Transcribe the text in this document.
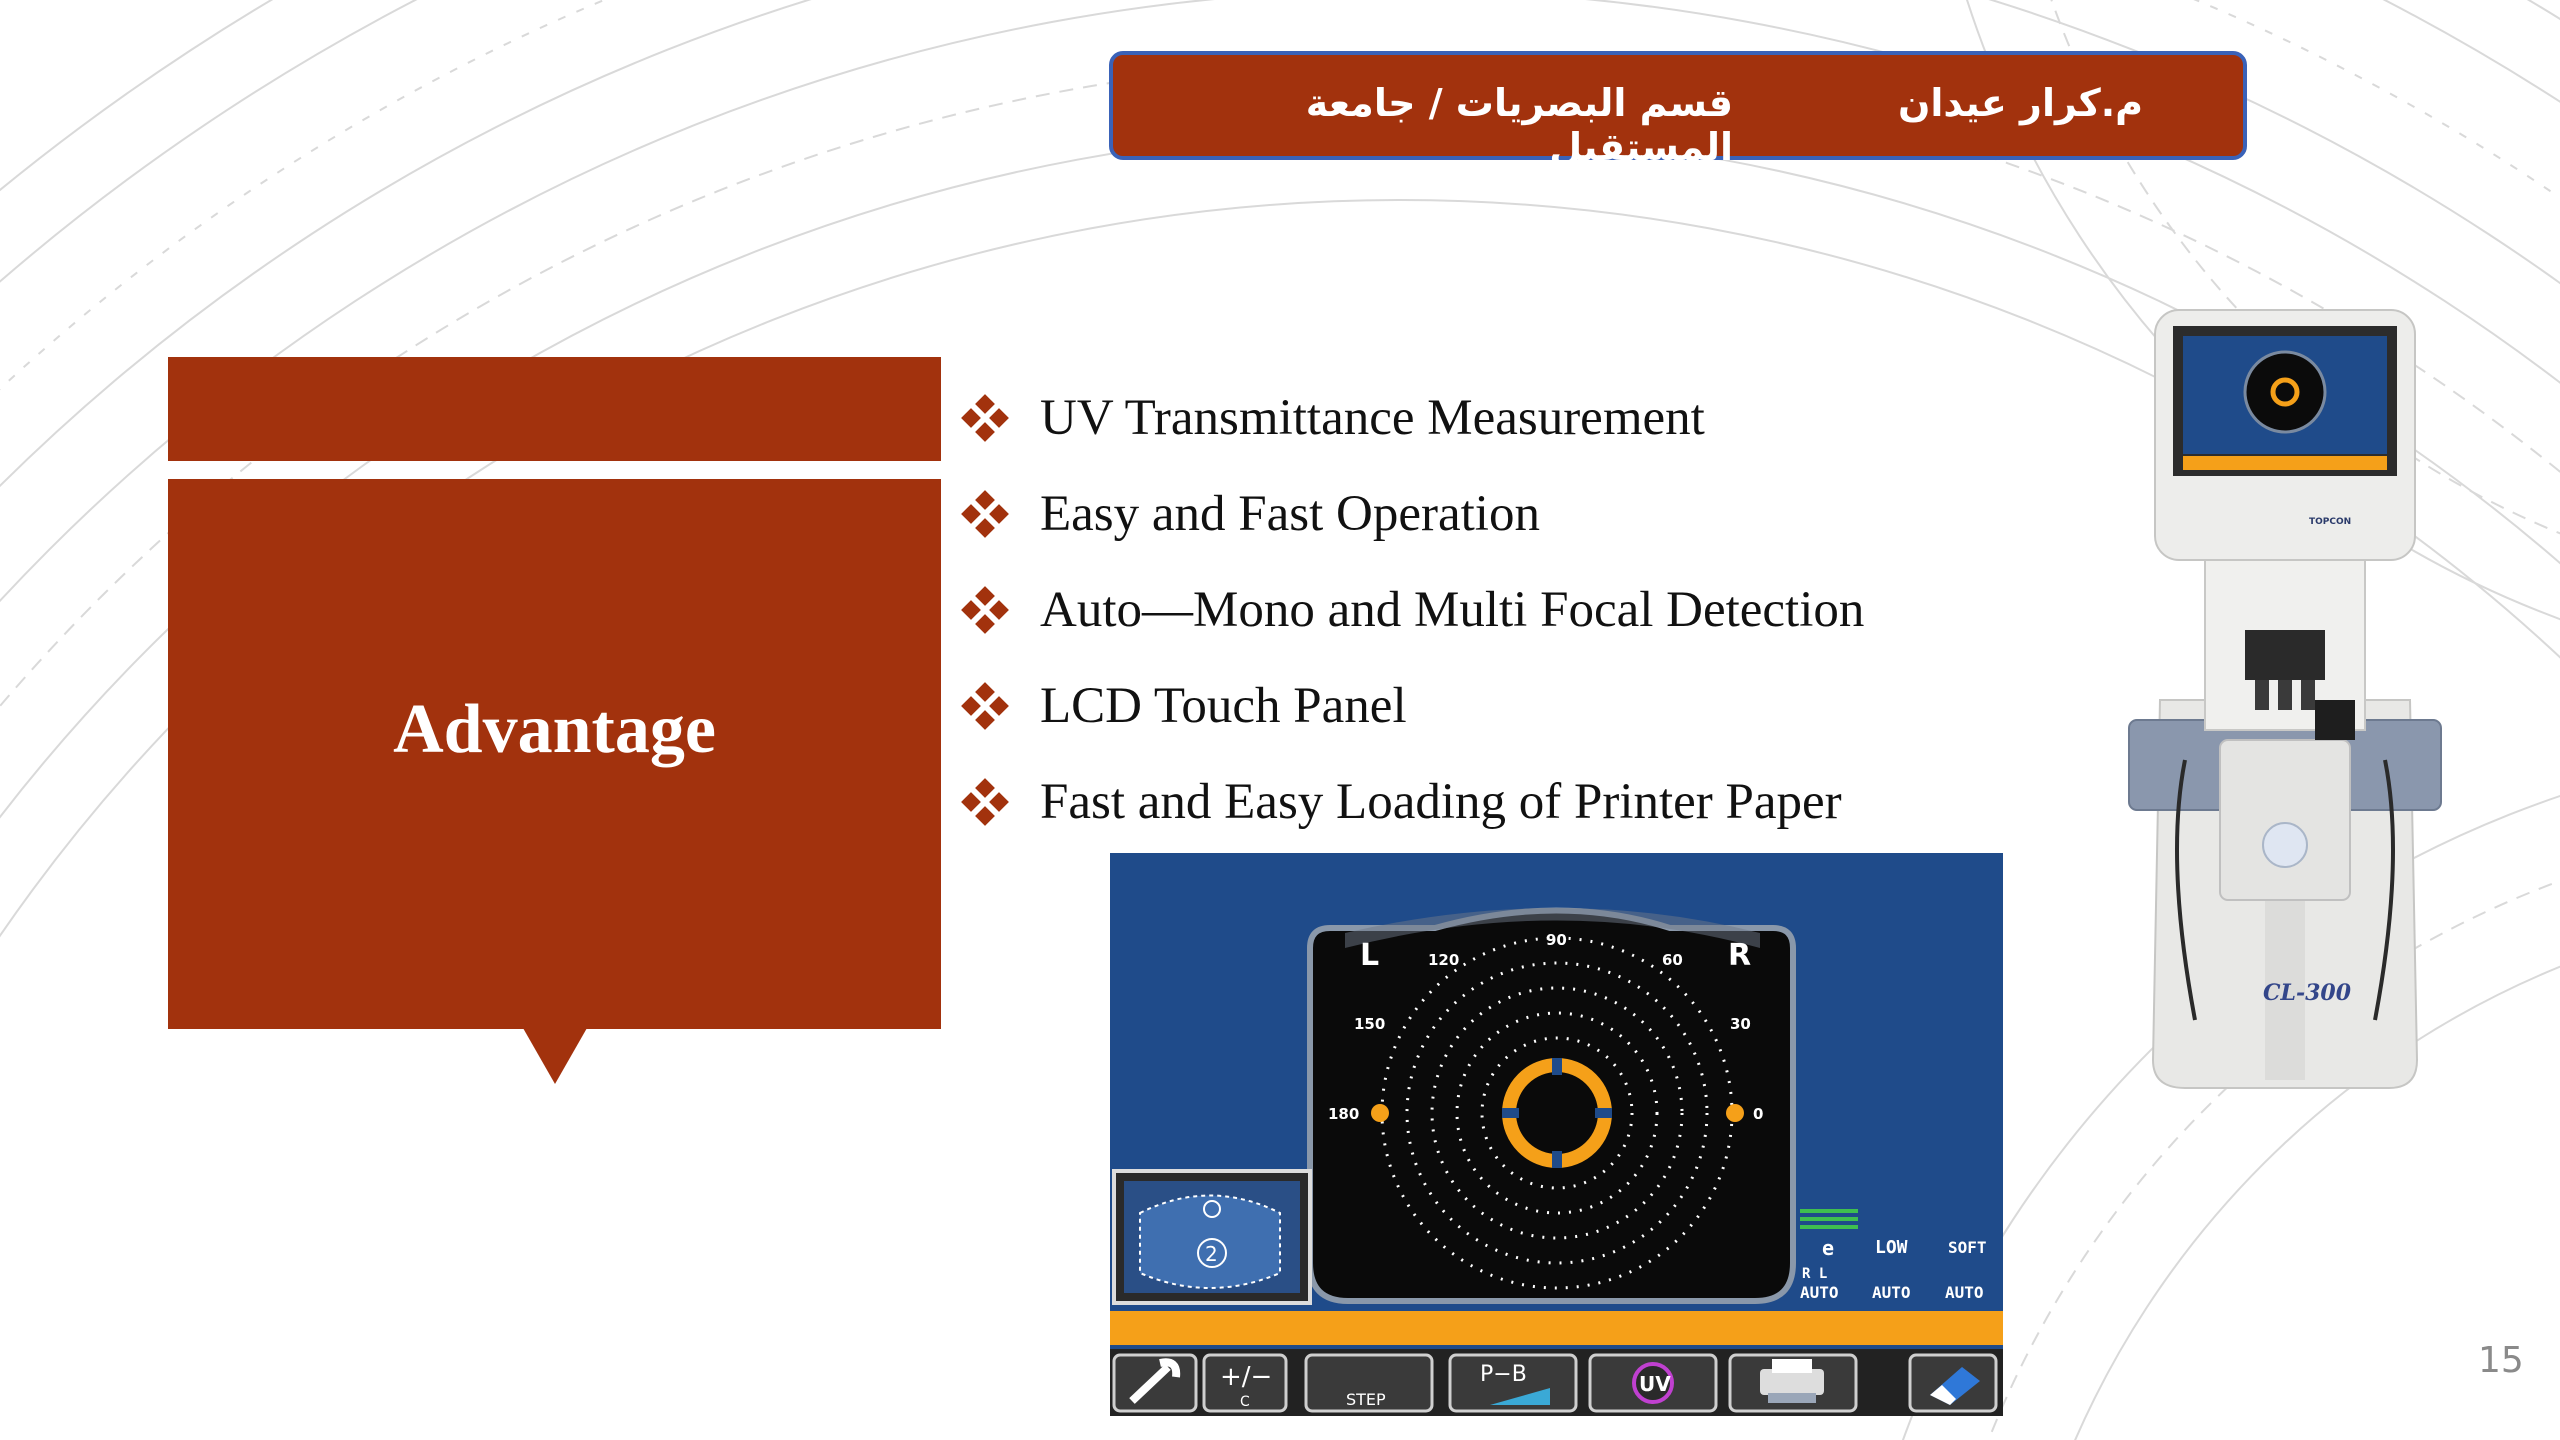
م.كرار عيدان
قسم البصريات / جامعة المستقبل
Advantage
UV Transmittance Measurement
Easy and Fast Operation
Auto—Mono and Multi Focal Detection
LCD Touch Panel
Fast and Easy Loading of Printer Paper
L	R
90
120	60
150	30
180	0
2	e LOW	SOFT
R L
AUTO AUTO AUTO
+/−
C	STEP
P−B	UV
TOPCON
CL-300
15
